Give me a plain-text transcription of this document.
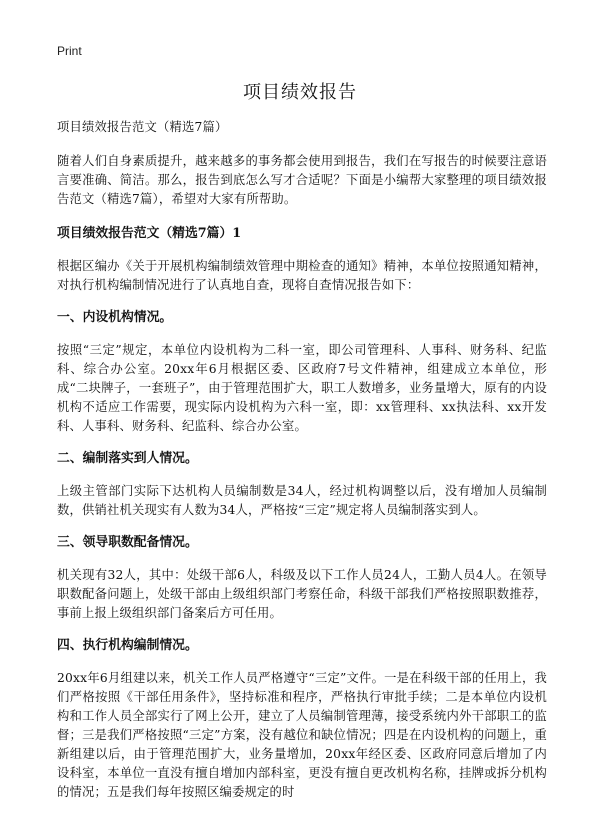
Print
项目绩效报告

项目绩效报告范文（精选7篇）

随着人们自身素质提升，越来越多的事务都会使用到报告，我们在写报告的时候要注意语言要准确、简洁。那么，报告到底怎么写才合适呢？下面是小编帮大家整理的项目绩效报告范文（精选7篇），希望对大家有所帮助。

项目绩效报告范文（精选7篇）1

根据区编办《关于开展机构编制绩效管理中期检查的通知》精神，本单位按照通知精神，对执行机构编制情况进行了认真地自查，现将自查情况报告如下：

一、内设机构情况。

按照“三定”规定，本单位内设机构为二科一室，即公司管理科、人事科、财务科、纪监科、综合办公室。20xx年6月根据区委、区政府7号文件精神，组建成立本单位，形成“二块牌子，一套班子”，由于管理范围扩大，职工人数增多，业务量增大，原有的内设机构不适应工作需要，现实际内设机构为六科一室，即：xx管理科、xx执法科、xx开发科、人事科、财务科、纪监科、综合办公室。

二、编制落实到人情况。

上级主管部门实际下达机构人员编制数是34人，经过机构调整以后，没有增加人员编制数，供销社机关现实有人数为34人，严格按“三定”规定将人员编制落实到人。

三、领导职数配备情况。

机关现有32人，其中：处级干部6人，科级及以下工作人员24人，工勤人员4人。在领导职数配备问题上，处级干部由上级组织部门考察任命，科级干部我们严格按照职数推荐，事前上报上级组织部门备案后方可任用。

四、执行机构编制情况。

20xx年6月组建以来，机关工作人员严格遵守“三定”文件。一是在科级干部的任用上，我们严格按照《干部任用条件》，坚持标准和程序，严格执行审批手续；二是本单位内设机构和工作人员全部实行了网上公开，建立了人员编制管理薄，接受系统内外干部职工的监督；三是我们严格按照“三定”方案，没有越位和缺位情况；四是在内设机构的问题上，重新组建以后，由于管理范围扩大，业务量增加，20xx年经区委、区政府同意后增加了内设科室，本单位一直没有擅自增加内部科室，更没有擅自更改机构名称，挂牌或拆分机构的情况；五是我们每年按照区编委规定的时
